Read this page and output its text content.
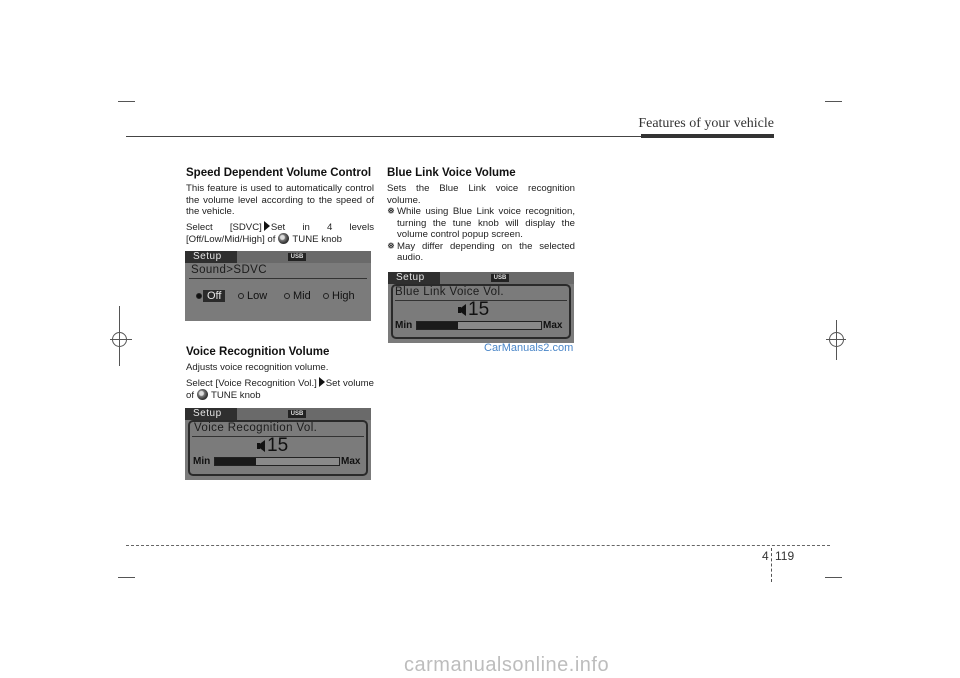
Features of your vehicle
Speed Dependent Volume Control

This feature is used to automatically control the volume level according to the speed of the vehicle.

Select [SDVC] Set in 4 levels [Off/Low/Mid/High] of TUNE knob

Setup	USB
Sound>SDVC
Off	Low Mid High
Voice Recognition Volume

Adjusts voice recognition volume.

Select [Voice Recognition Vol.] Set volume of TUNE knob

Setup	USB
Voice Recognition Vol.
15
Min	Max
Blue Link Voice Volume

Sets the Blue Link voice recognition volume.

❅ While using Blue Link voice recognition, turning the tune knob will display the volume control popup screen.
❅ May differ depending on the selected audio.
Setup	USB
Blue Link Voice Vol.
15
Min	Max
CarManuals2.com
4 119
carmanualsonline.info
